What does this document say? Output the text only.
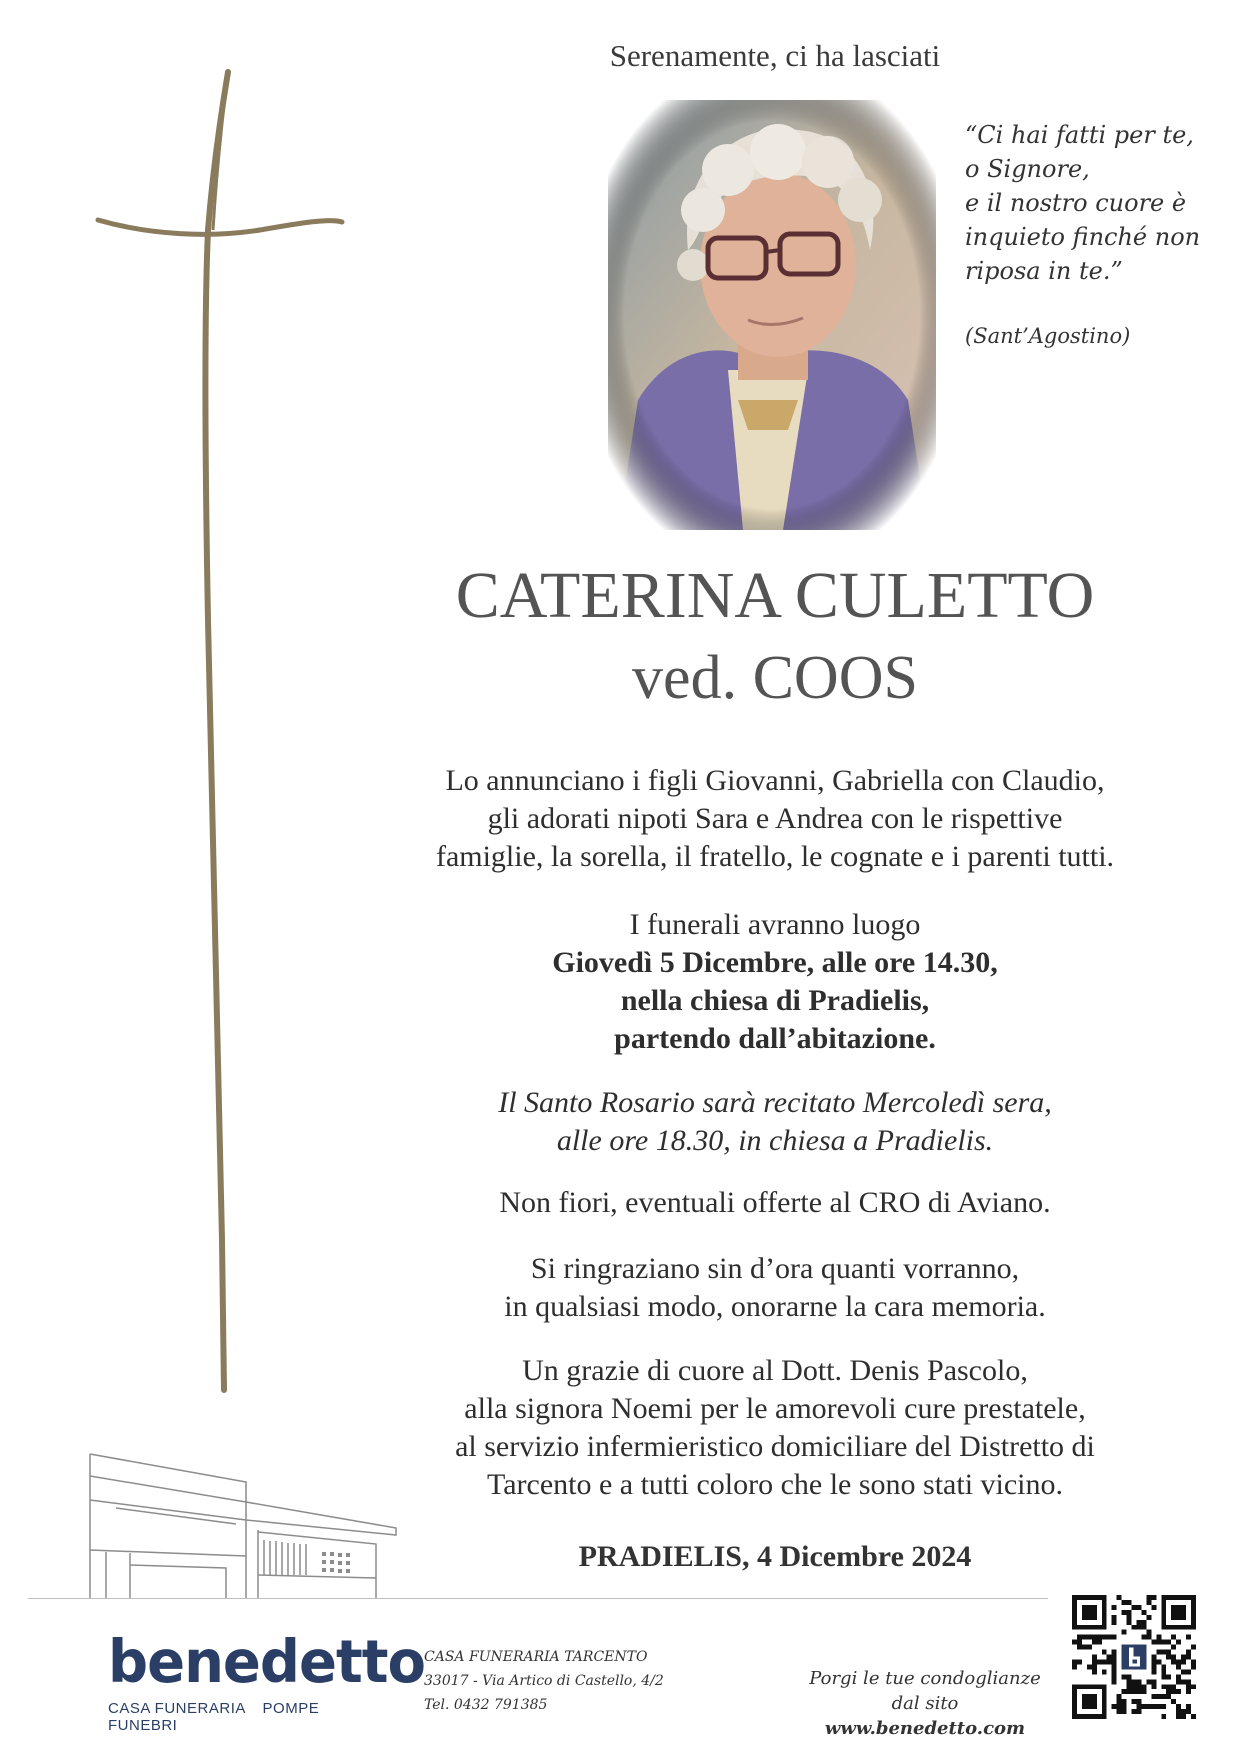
Serenamente, ci ha lasciati
“Ci hai fatti per te,
o Signore,
e il nostro cuore è
inquieto finché non
riposa in te.”
(Sant’Agostino)
CATERINA CULETTO
ved. COOS
Lo annunciano i figli Giovanni, Gabriella con Claudio,
gli adorati nipoti Sara e Andrea con le rispettive
famiglie, la sorella, il fratello, le cognate e i parenti tutti.
I funerali avranno luogo
Giovedì 5 Dicembre, alle ore 14.30,
nella chiesa di Pradielis,
partendo dall’abitazione.
Il Santo Rosario sarà recitato Mercoledì sera,
alle ore 18.30, in chiesa a Pradielis.
Non fiori, eventuali offerte al CRO di Aviano.
Si ringraziano sin d’ora quanti vorranno,
in qualsiasi modo, onorarne la cara memoria.
Un grazie di cuore al Dott. Denis Pascolo,
alla signora Noemi per le amorevoli cure prestatele,
al servizio infermieristico domiciliare del Distretto di
Tarcento e a tutti coloro che le sono stati vicino.
PRADIELIS, 4 Dicembre 2024
benedetto
CASA FUNERARIA POMPE FUNEBRI
CASA FUNERARIA TARCENTO
33017 - Via Artico di Castello, 4/2
Tel. 0432 791385
Porgi le tue condoglianze
dal sito www.benedetto.com
